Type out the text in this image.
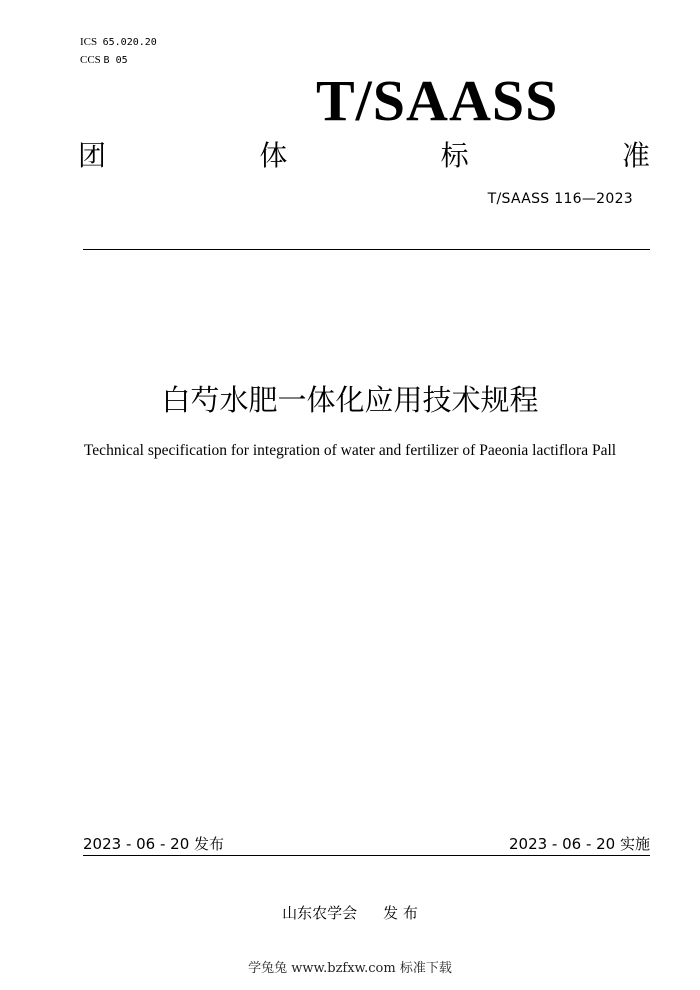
ICS 65.020.20
CCS B 05
T/SAASS
团	体	标	准
T/SAASS 116—2023
白芍水肥一体化应用技术规程
Technical specification for integration of water and fertilizer of Paeonia lactiflora Pall
2023 - 06 - 20 发布	2023 - 06 - 20 实施
山东农学会 发 布
学兔兔 www.bzfxw.com 标准下载
